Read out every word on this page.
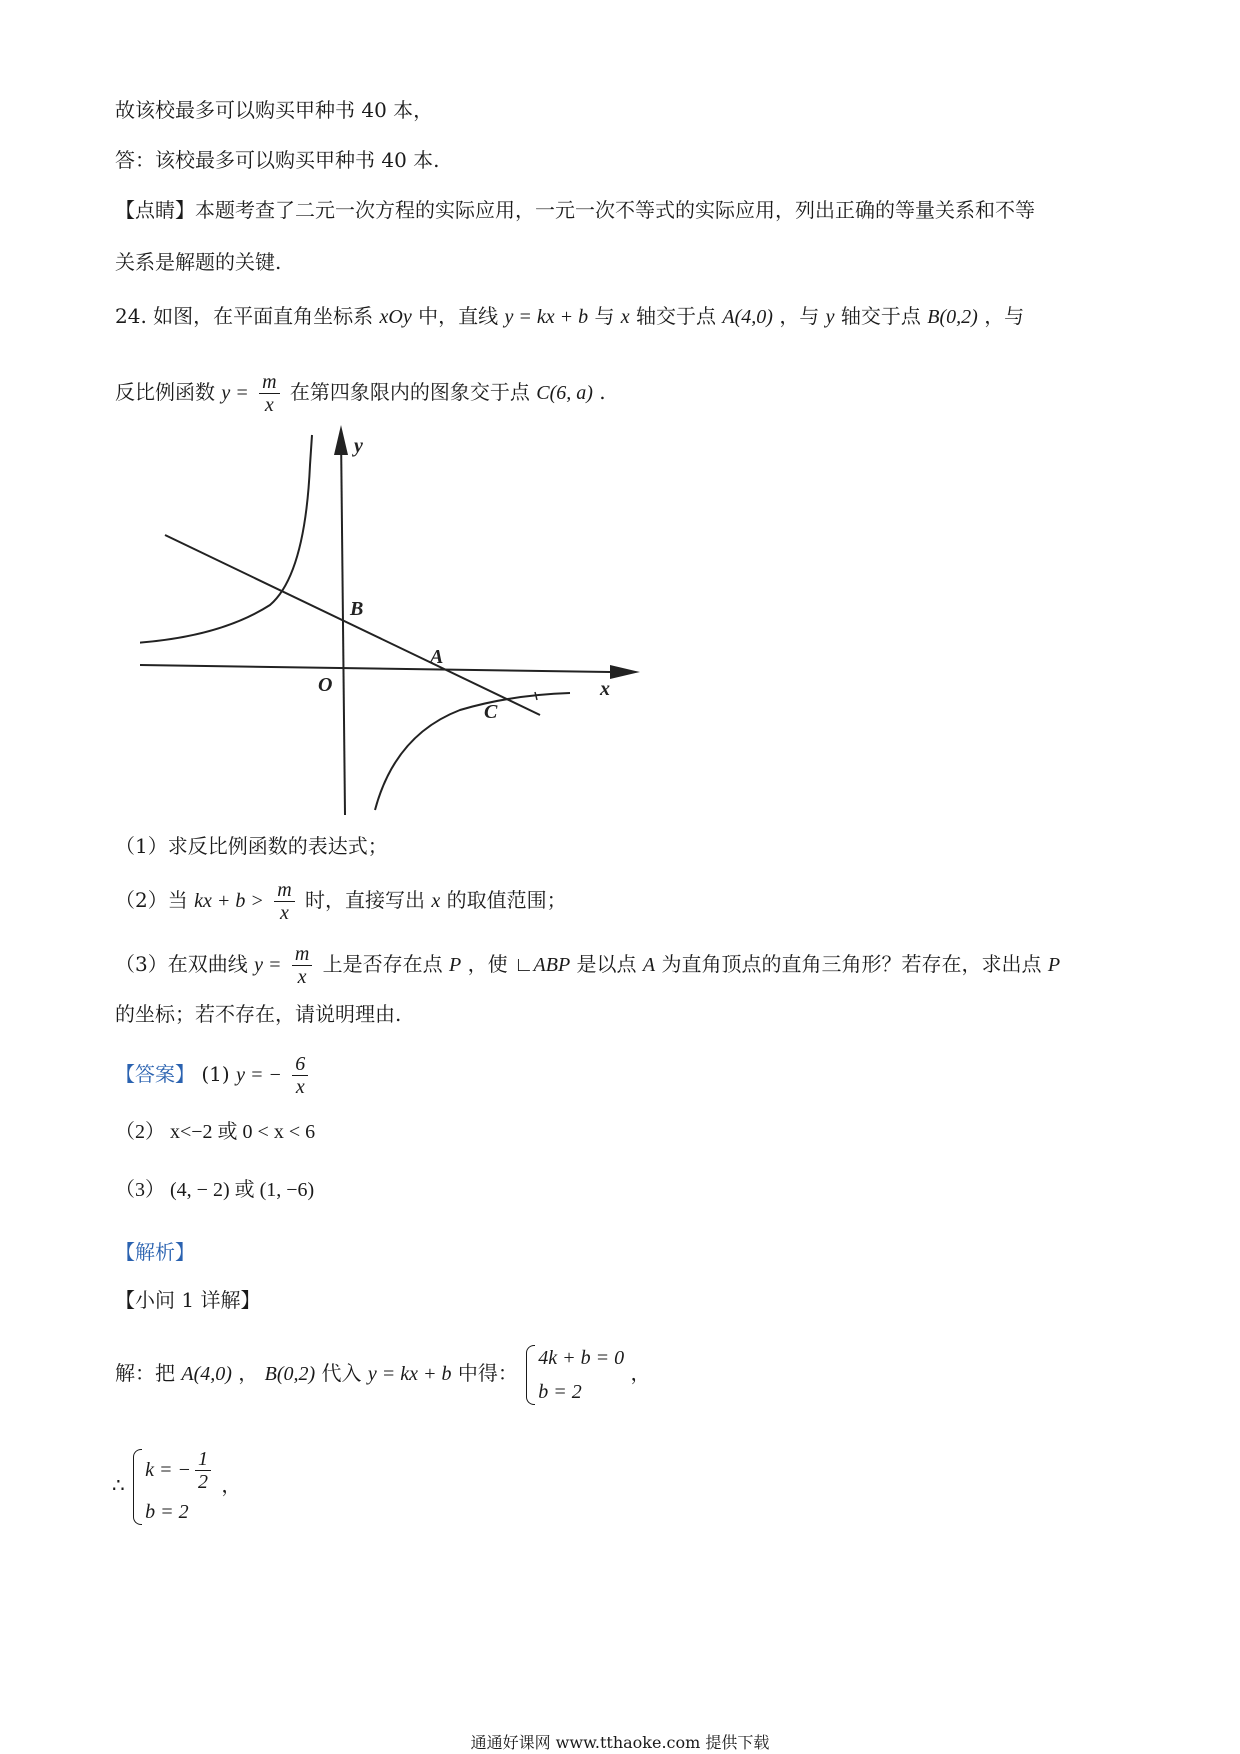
故该校最多可以购买甲种书 40 本，
答：该校最多可以购买甲种书 40 本.
【点睛】本题考查了二元一次方程的实际应用，一元一次不等式的实际应用，列出正确的等量关系和不等
关系是解题的关键.
24. 如图，在平面直角坐标系 xOy 中，直线 y = kx + b 与 x 轴交于点 A(4,0) ，与 y 轴交于点 B(0,2) ，与
反比例函数 $y = \frac{m}{x}$ 在第四象限内的图象交于点 C(6, a) .
y
x
O
A
B
C
（1）求反比例函数的表达式；
（2）当 kx + $b > \frac{m}{x}$ 时，直接写出 x 的取值范围；
（3）在双曲线 $y = \frac{m}{x}$ 上是否存在点 P ，使 ∟ABP 是以点 A 为直角顶点的直角三角形？若存在，求出点 P
的坐标；若不存在，请说明理由.
【答案】 (1) y = − $\frac{6}{x}$
（2） x<−2 或 0 < x < 6
（3） (4, − 2) 或 (1, −6)
【解析】
【小问 1 详解】
解：把 A(4,0) ， B(0,2) 代入 y = kx + b 中得：
4k + b = 0
b = 2
，
∴
k = − $\frac{1}{2}$
b = 2
，
通通好课网 www.tthaoke.com 提供下载
